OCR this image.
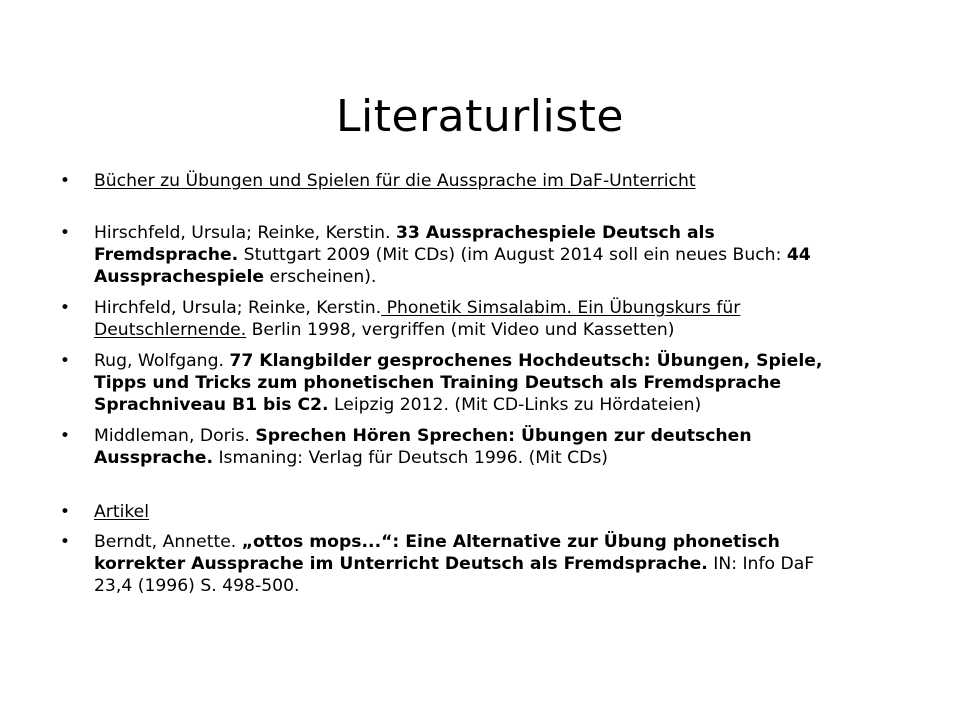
Literaturliste
• Bücher zu Übungen und Spielen für die Aussprache im DaF-Unterricht
• Hirschfeld, Ursula; Reinke, Kerstin. 33 Aussprachespiele Deutsch als Fremdsprache. Stuttgart 2009 (Mit CDs) (im August 2014 soll ein neues Buch: 44 Aussprachespiele erscheinen).
• Hirchfeld, Ursula; Reinke, Kerstin. Phonetik Simsalabim. Ein Übungskurs für Deutschlernende. Berlin 1998, vergriffen (mit Video und Kassetten)
• Rug, Wolfgang. 77 Klangbilder gesprochenes Hochdeutsch: Übungen, Spiele, Tipps und Tricks zum phonetischen Training Deutsch als Fremdsprache Sprachniveau B1 bis C2. Leipzig 2012. (Mit CD-Links zu Hördateien)
• Middleman, Doris. Sprechen Hören Sprechen: Übungen zur deutschen Aussprache. Ismaning: Verlag für Deutsch 1996. (Mit CDs)
• Artikel
• Berndt, Annette. „ottos mops...“: Eine Alternative zur Übung phonetisch korrekter Aussprache im Unterricht Deutsch als Fremdsprache. IN: Info DaF 23,4 (1996) S. 498-500.
